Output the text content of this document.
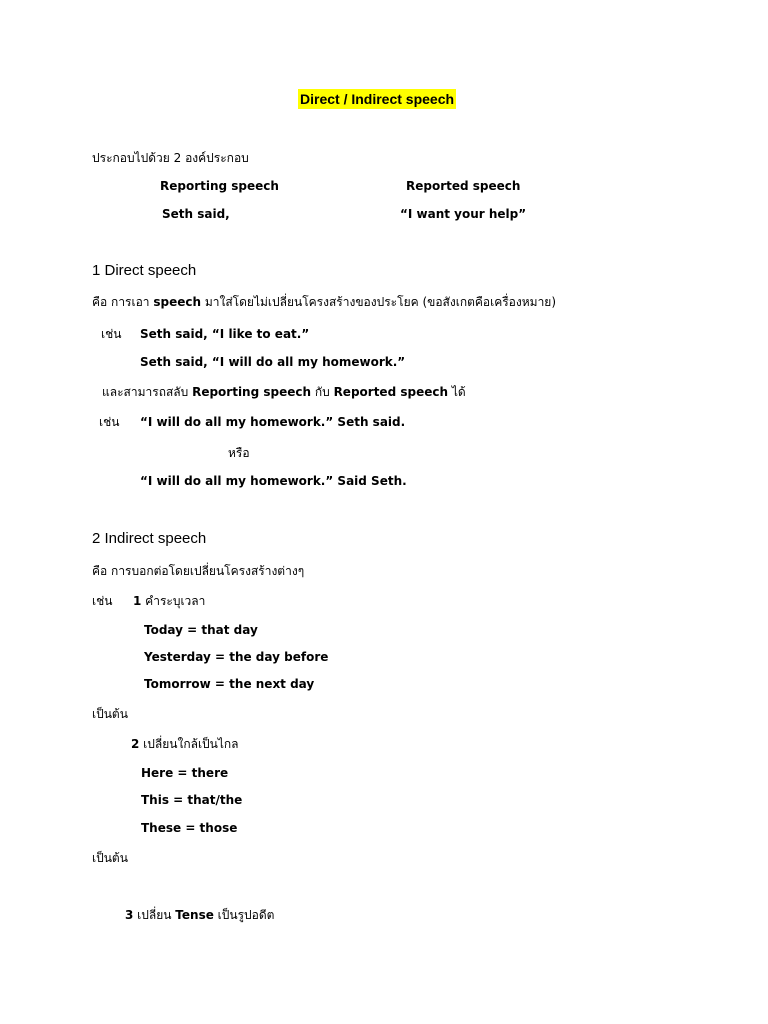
Direct / Indirect speech
ประกอบไปด้วย 2 องค์ประกอบ
Reporting speech	Reported speech
Seth said,	“I want your help”
1 Direct speech
คือ การเอา speech มาใส่โดยไม่เปลี่ยนโครงสร้างของประโยค (ขอสังเกตคือเครื่องหมาย)
เช่น Seth said, “I like to eat.”
Seth said, “I will do all my homework.”
และสามารถสลับ Reporting speech กับ Reported speech ได้
เช่น “I will do all my homework.” Seth said.
หรือ
“I will do all my homework.” Said Seth.
2 Indirect speech
คือ การบอกต่อโดยเปลี่ยนโครงสร้างต่างๆ
เช่น 1 คำระบุเวลา
Today = that day
Yesterday = the day before
Tomorrow = the next day
เป็นต้น
2 เปลี่ยนใกล้เป็นไกล
Here = there
This = that/the
These = those
เป็นต้น
3 เปลี่ยน Tense เป็นรูปอดีต
